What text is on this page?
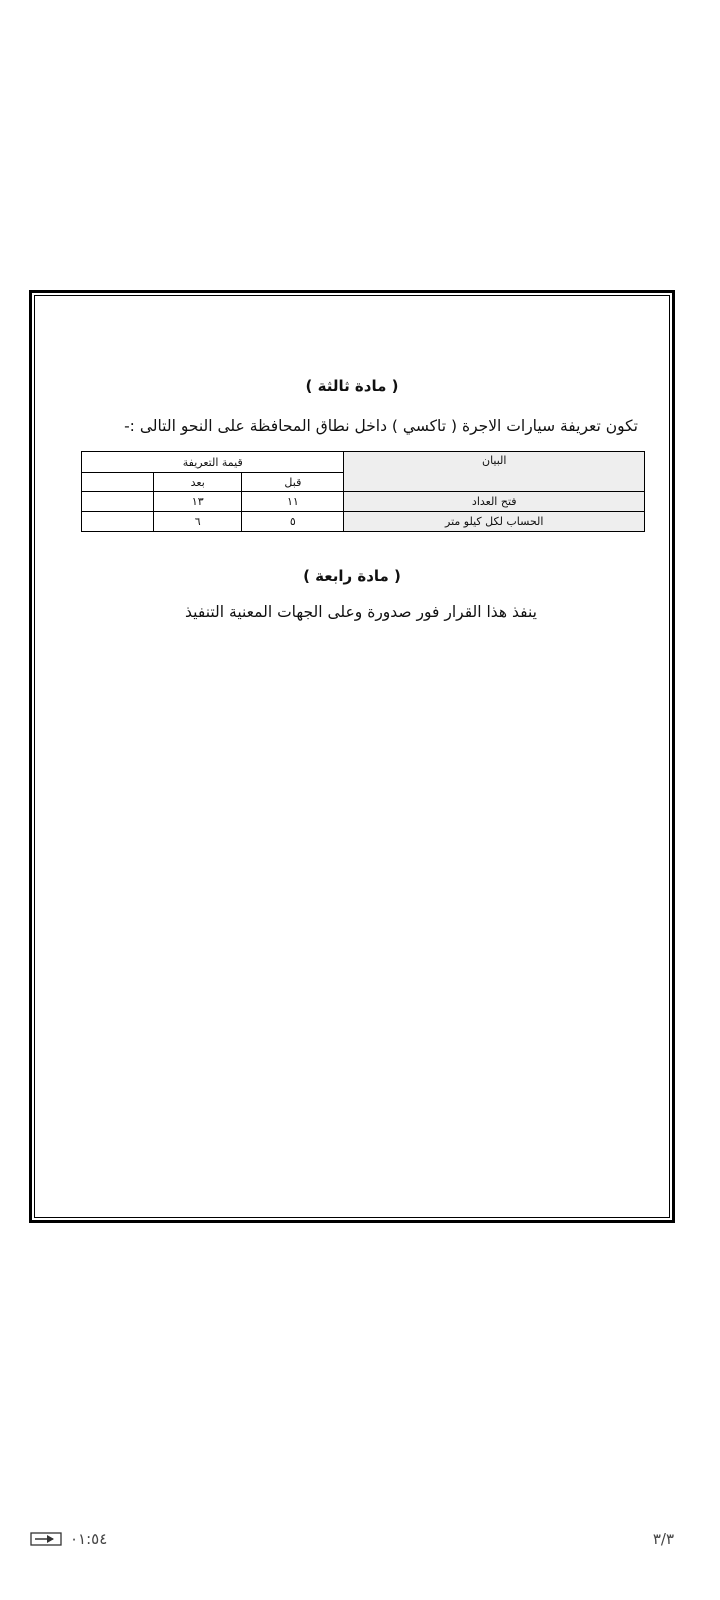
( مادة ثالثة )
تكون تعريفة سيارات الاجرة ( تاكسي ) داخل نطاق المحافظة على النحو التالى :-
البيان	قيمة التعريفة		
	قبل	بعد	
فتح العداد	١١	١٣	
الحساب لكل كيلو متر	٥	٦	
( مادة رابعة )
ينفذ هذا القرار فور صدورة وعلى الجهات المعنية التنفيذ
٠١:٥٤	٣/٣
